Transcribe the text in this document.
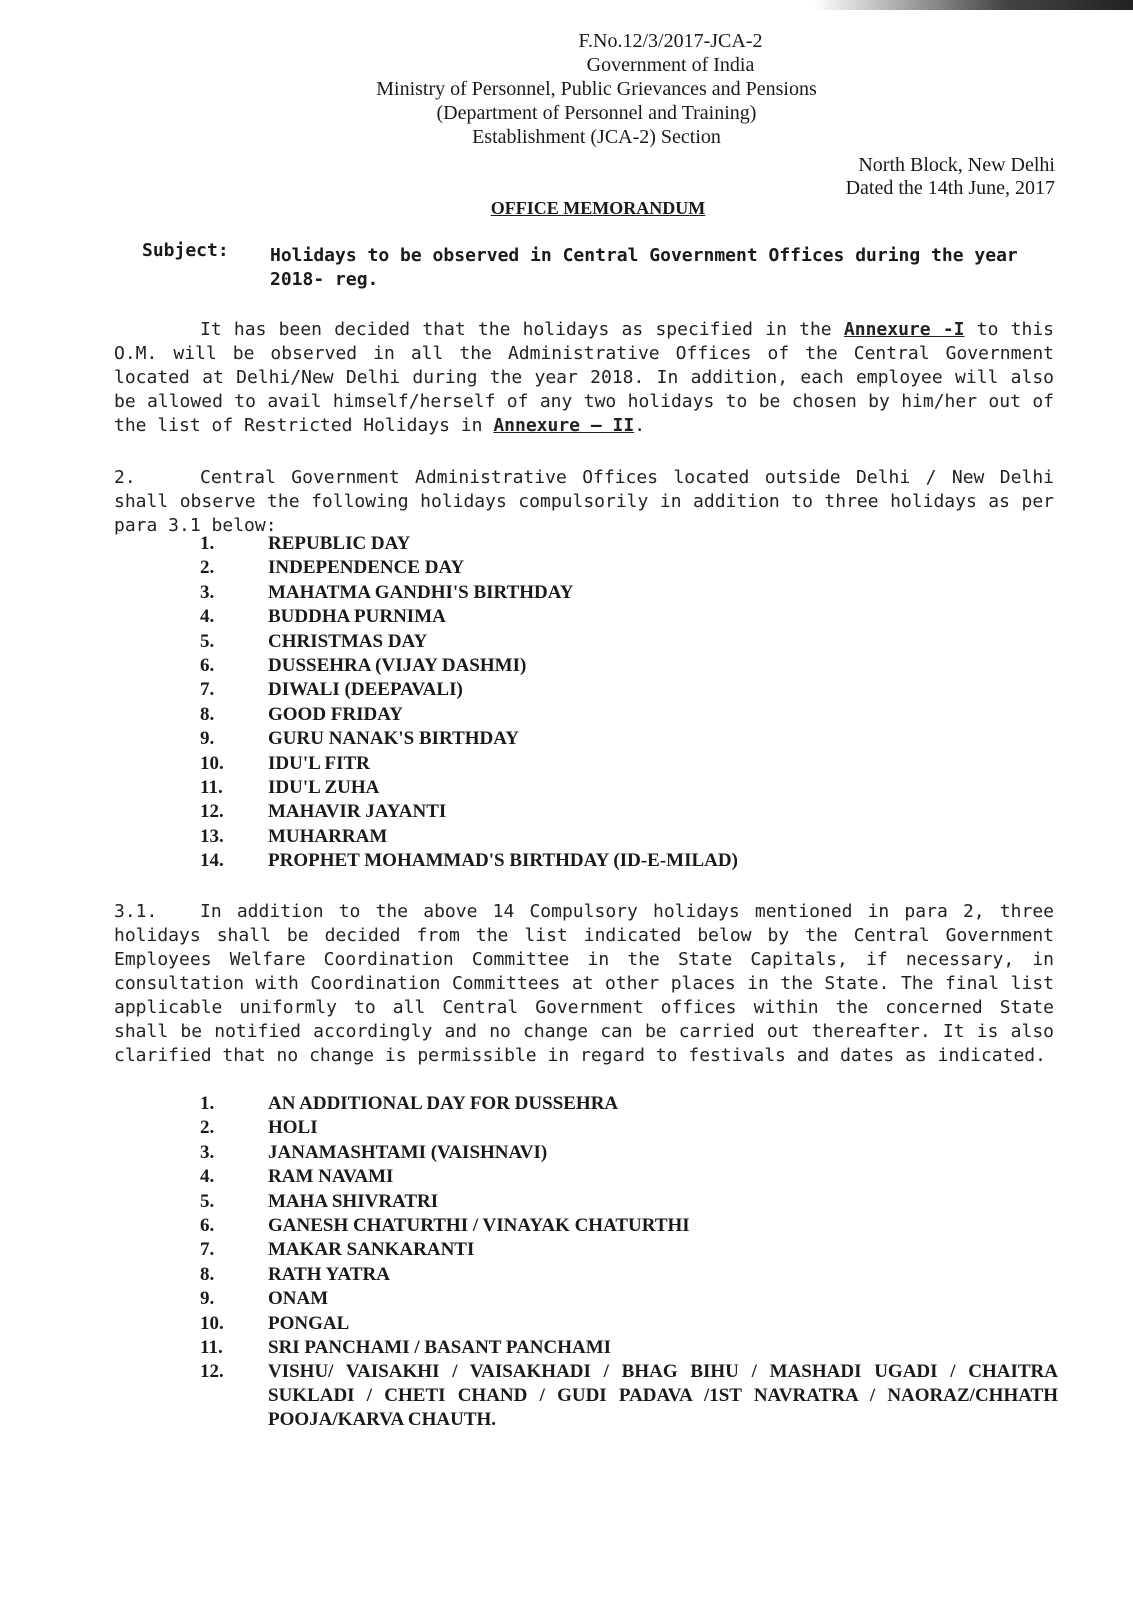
F.No.12/3/2017-JCA-2
Government of India
Ministry of Personnel, Public Grievances and Pensions
(Department of Personnel and Training)
Establishment (JCA-2) Section
North Block, New Delhi
Dated the 14th June, 2017
OFFICE MEMORANDUM
Subject: Holidays to be observed in Central Government Offices during the year 2018- reg.
It has been decided that the holidays as specified in the Annexure -I to this O.M. will be observed in all the Administrative Offices of the Central Government located at Delhi/New Delhi during the year 2018. In addition, each employee will also be allowed to avail himself/herself of any two holidays to be chosen by him/her out of the list of Restricted Holidays in Annexure – II.
2.	Central Government Administrative Offices located outside Delhi / New Delhi shall observe the following holidays compulsorily in addition to three holidays as per para 3.1 below:
1.	REPUBLIC DAY
2.	INDEPENDENCE DAY
3.	MAHATMA GANDHI'S BIRTHDAY
4.	BUDDHA PURNIMA
5.	CHRISTMAS DAY
6.	DUSSEHRA (VIJAY DASHMI)
7.	DIWALI (DEEPAVALI)
8.	GOOD FRIDAY
9.	GURU NANAK'S BIRTHDAY
10. IDU'L FITR
11. IDU'L ZUHA
12. MAHAVIR JAYANTI
13. MUHARRAM
14. PROPHET MOHAMMAD'S BIRTHDAY (ID-E-MILAD)
3.1. In addition to the above 14 Compulsory holidays mentioned in para 2, three holidays shall be decided from the list indicated below by the Central Government Employees Welfare Coordination Committee in the State Capitals, if necessary, in consultation with Coordination Committees at other places in the State. The final list applicable uniformly to all Central Government offices within the concerned State shall be notified accordingly and no change can be carried out thereafter. It is also clarified that no change is permissible in regard to festivals and dates as indicated.
1.	AN ADDITIONAL DAY FOR DUSSEHRA
2.	HOLI
3.	JANAMASHTAMI (VAISHNAVI)
4.	RAM NAVAMI
5.	MAHA SHIVRATRI
6.	GANESH CHATURTHI / VINAYAK CHATURTHI
7.	MAKAR SANKARANTI
8.	RATH YATRA
9.	ONAM
10. PONGAL
11. SRI PANCHAMI / BASANT PANCHAMI
12. VISHU/ VAISAKHI / VAISAKHADI / BHAG BIHU / MASHADI UGADI / CHAITRA SUKLADI / CHETI CHAND / GUDI PADAVA /1ST NAVRATRA / NAORAZ/CHHATH POOJA/KARVA CHAUTH.
